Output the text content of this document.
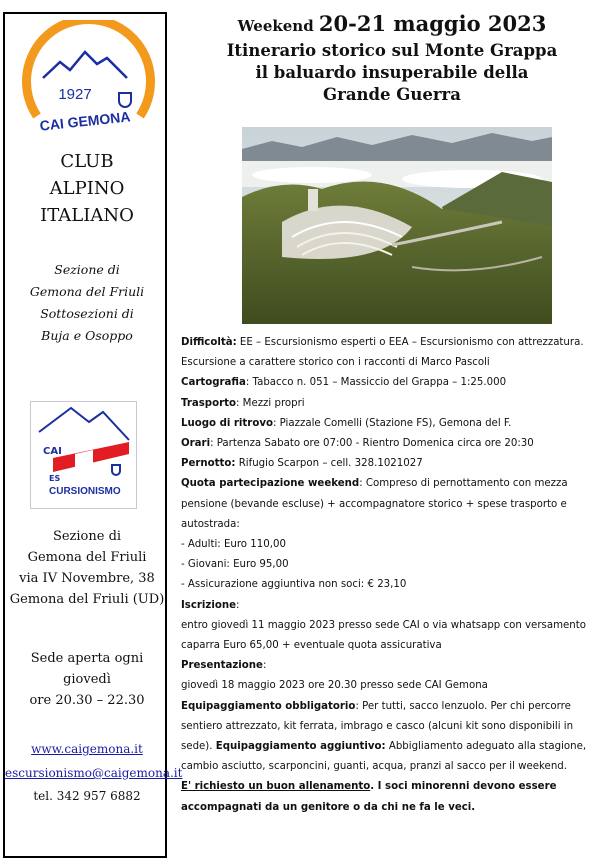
1927
CAI GEMONA
CLUB
ALPINO
ITALIANO
Sezione di
Gemona del Friuli
Sottosezioni di
Buja e Osoppo
CAI
ES
CURSIONISMO
Sezione di
Gemona del Friuli
via IV Novembre, 38
Gemona del Friuli (UD)
Sede aperta ogni
giovedì
ore 20.30 – 22.30
www.caigemona.it
escursionismo@caigemona.it
tel. 342 957 6882
Weekend 20-21 maggio 2023
Itinerario storico sul Monte Grappa
il baluardo insuperabile della
Grande Guerra

Difficoltà: EE – Escursionismo esperti o EEA – Escursionismo con attrezzatura.

Escursione a carattere storico con i racconti di Marco Pascoli

Cartografia: Tabacco n. 051 – Massiccio del Grappa – 1:25.000

Trasporto: Mezzi propri

Luogo di ritrovo: Piazzale Comelli (Stazione FS), Gemona del F.

Orari: Partenza Sabato ore 07:00 - Rientro Domenica circa ore 20:30

Pernotto: Rifugio Scarpon – cell. 328.1021027

Quota partecipazione weekend: Compreso di pernottamento con mezza pensione (bevande escluse) + accompagnatore storico + spese trasporto e autostrada:

- Adulti: Euro 110,00

- Giovani: Euro 95,00

- Assicurazione aggiuntiva non soci: € 23,10

Iscrizione:

entro giovedì 11 maggio 2023 presso sede CAI o via whatsapp con versamento caparra Euro 65,00 + eventuale quota assicurativa

Presentazione:

giovedì 18 maggio 2023 ore 20.30 presso sede CAI Gemona

Equipaggiamento obbligatorio: Per tutti, sacco lenzuolo. Per chi percorre sentiero attrezzato, kit ferrata, imbrago e casco (alcuni kit sono disponibili in sede). Equipaggiamento aggiuntivo: Abbigliamento adeguato alla stagione, cambio asciutto, scarponcini, guanti, acqua, pranzi al sacco per il weekend.

E' richiesto un buon allenamento. I soci minorenni devono essere accompagnati da un genitore o da chi ne fa le veci.
